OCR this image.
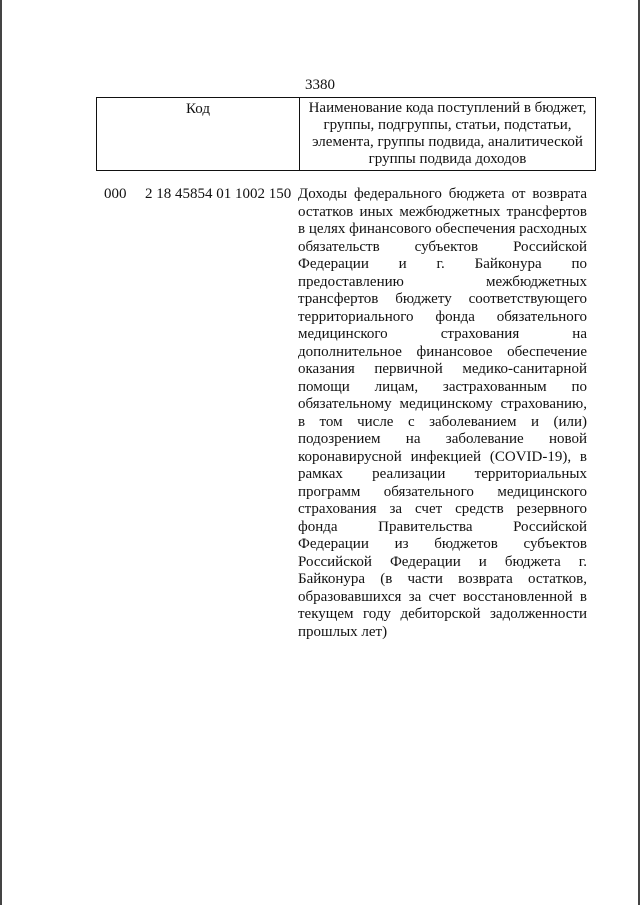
3380
Код	Наименование кода поступлений в бюджет, группы, подгруппы, статьи, подстатьи, элемента, группы подвида, аналитической группы подвида доходов
000 2 18 45854 01 1002 150 Доходы федерального бюджета от возврата остатков иных межбюджетных трансфертов в целях финансового обеспечения расходных обязательств субъектов Российской Федерации и г. Байконура по предоставлению межбюджетных трансфертов бюджету соответствующего территориального фонда обязательного медицинского страхования на дополнительное финансовое обеспечение оказания первичной медико-санитарной помощи лицам, застрахованным по обязательному медицинскому страхованию, в том числе с заболеванием и (или) подозрением на заболевание новой коронавирусной инфекцией (COVID-19), в рамках реализации территориальных программ обязательного медицинского страхования за счет средств резервного фонда Правительства Российской Федерации из бюджетов субъектов Российской Федерации и бюджета г. Байконура (в части возврата остатков, образовавшихся за счет восстановленной в текущем году дебиторской задолженности прошлых лет)
